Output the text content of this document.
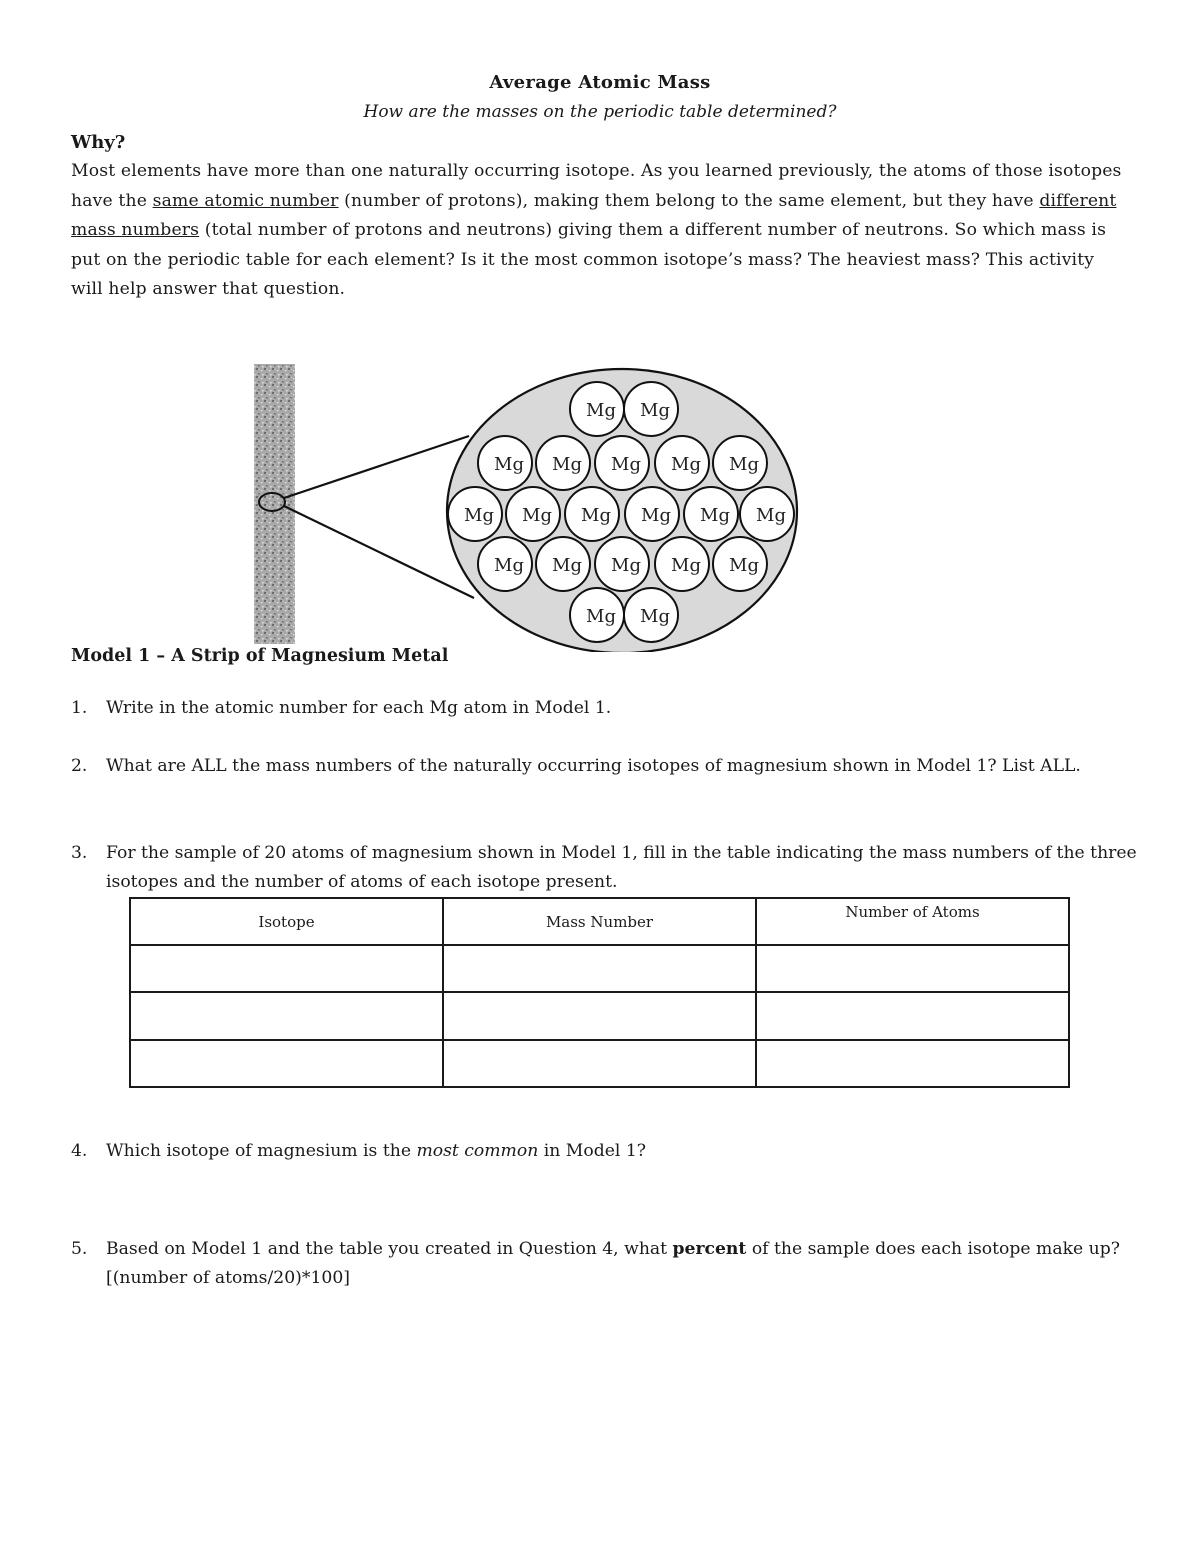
Average Atomic Mass
How are the masses on the periodic table determined?
Why?
Most elements have more than one naturally occurring isotope. As you learned previously, the atoms of those isotopes have the same atomic number (number of protons), making them belong to the same element, but they have different mass numbers (total number of protons and neutrons) giving them a different number of neutrons. So which mass is put on the periodic table for each element? Is it the most common isotope’s mass? The heaviest mass? This activity will help answer that question.
Mg Mg
Mg Mg Mg Mg Mg
Mg Mg Mg Mg Mg Mg
Mg Mg Mg Mg Mg
Mg Mg
Model 1 – A Strip of Magnesium Metal
1. Write in the atomic number for each Mg atom in Model 1.
2. What are ALL the mass numbers of the naturally occurring isotopes of magnesium shown in Model 1? List ALL.
3. For the sample of 20 atoms of magnesium shown in Model 1, fill in the table indicating the mass numbers of the three isotopes and the number of atoms of each isotope present.
Isotope	Mass Number	Number of Atoms

4. Which isotope of magnesium is the most common in Model 1?
5. Based on Model 1 and the table you created in Question 4, what percent of the sample does each isotope make up? [(number of atoms/20)*100]
